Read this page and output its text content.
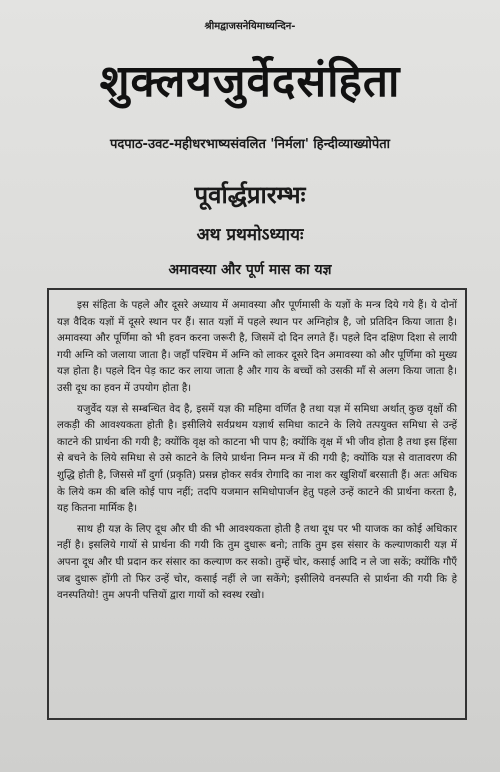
श्रीमद्वाजसनेयिमाध्यन्दिन-
शुक्लयजुर्वेदसंहिता
पदपाठ-उवट-महीधरभाष्यसंवलित 'निर्मला' हिन्दीव्याख्योपेता
पूर्वार्द्धप्रारम्भः
अथ प्रथमोऽध्यायः
अमावस्या और पूर्ण मास का यज्ञ

इस संहिता के पहले और दूसरे अध्याय में अमावस्या और पूर्णमासी के यज्ञों के मन्त्र दिये गये हैं। ये दोनों यज्ञ वैदिक यज्ञों में दूसरे स्थान पर हैं। सात यज्ञों में पहले स्थान पर अग्निहोत्र है, जो प्रतिदिन किया जाता है। अमावस्या और पूर्णिमा को भी हवन करना जरूरी है, जिसमें दो दिन लगते हैं। पहले दिन दक्षिण दिशा से लायी गयी अग्नि को जलाया जाता है। जहाँ पश्चिम में अग्नि को लाकर दूसरे दिन अमावस्या को और पूर्णिमा को मुख्य यज्ञ होता है। पहले दिन पेड़ काट कर लाया जाता है और गाय के बच्चों को उसकी माँ से अलग किया जाता है। उसी दूध का हवन में उपयोग होता है।

यजुर्वेद यज्ञ से सम्बन्धित वेद है, इसमें यज्ञ की महिमा वर्णित है तथा यज्ञ में समिधा अर्थात् कुछ वृक्षों की लकड़ी की आवश्यकता होती है। इसीलिये सर्वप्रथम यज्ञार्थ समिधा काटने के लिये तत्पयुक्त समिधा से उन्हें काटने की प्रार्थना की गयी है; क्योंकि वृक्ष को काटना भी पाप है; क्योंकि वृक्ष में भी जीव होता है तथा इस हिंसा से बचने के लिये समिधा से उसे काटने के लिये प्रार्थना निम्न मन्त्र में की गयी है; क्योंकि यज्ञ से वातावरण की शुद्धि होती है, जिससे माँ दुर्गा (प्रकृति) प्रसन्न होकर सर्वत्र रोगादि का नाश कर खुशियाँ बरसाती हैं। अतः अधिक के लिये कम की बलि कोई पाप नहीं; तदपि यजमान समिधोपार्जन हेतु पहले उन्हें काटने की प्रार्थना करता है, यह कितना मार्मिक है।

साथ ही यज्ञ के लिए दूध और घी की भी आवश्यकता होती है तथा दूध पर भी याजक का कोई अधिकार नहीं है। इसलिये गायों से प्रार्थना की गयी कि तुम दुधारू बनो; ताकि तुम इस संसार के कल्याणकारी यज्ञ में अपना दूध और घी प्रदान कर संसार का कल्याण कर सको। तुम्हें चोर, कसाई आदि न ले जा सकें; क्योंकि गौएँ जब दुधारू होंगी तो फिर उन्हें चोर, कसाई नहीं ले जा सकेंगे; इसीलिये वनस्पति से प्रार्थना की गयी कि हे वनस्पतियो! तुम अपनी पत्तियों द्वारा गायों को स्वस्थ रखो।
